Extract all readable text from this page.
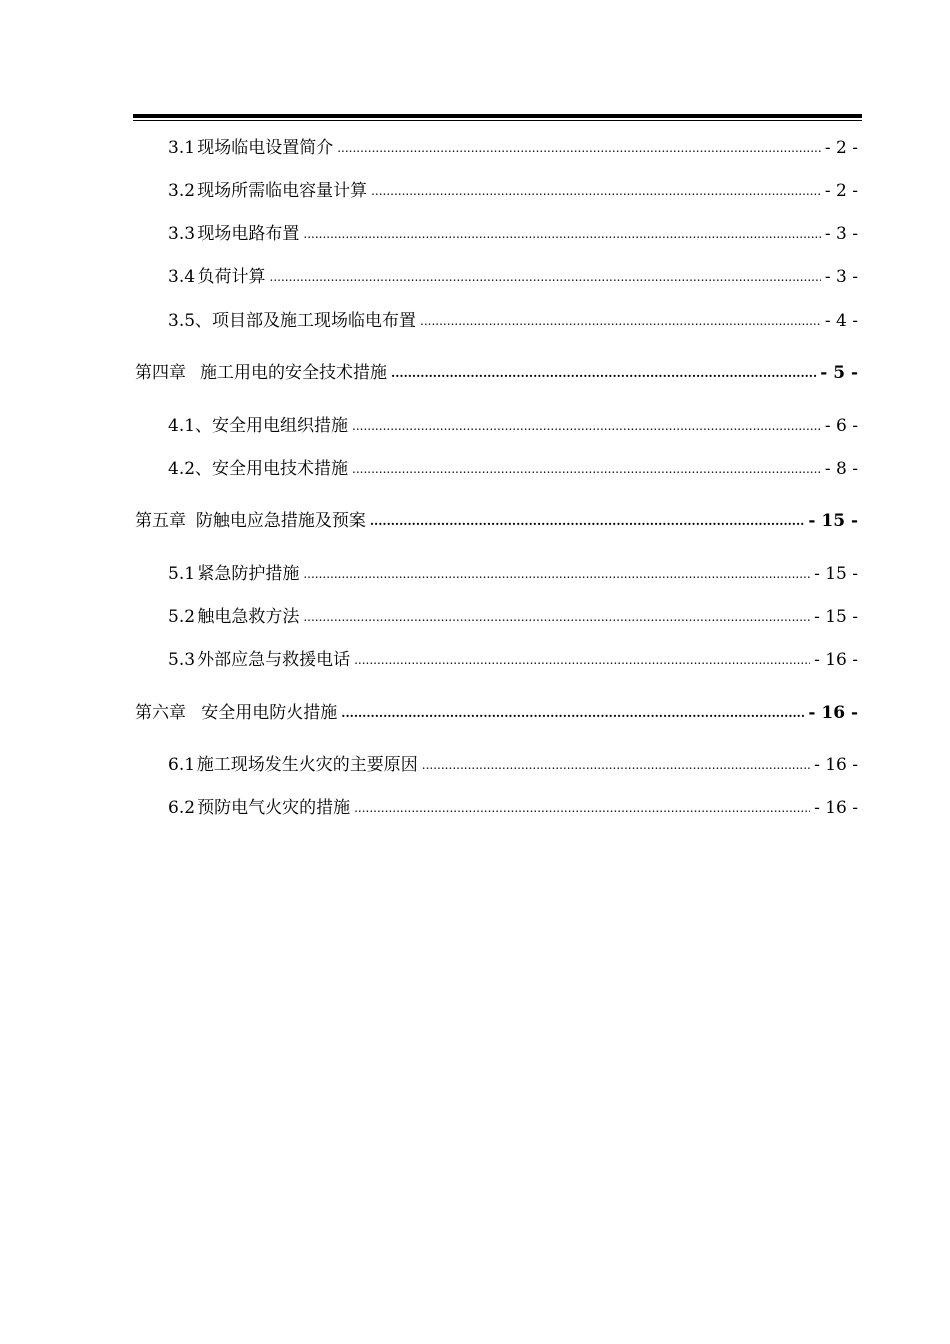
3.1 现场临电设置简介 .....	- 2 -
3.2 现场所需临电容量计算 .....	- 2 -
3.3 现场电路布置 .....	- 3 -
3.4 负荷计算 .....	- 3 -
3.5、 项目部及施工现场临电布置 .....	- 4 -
第四章 施工用电的安全技术措施 .....	- 5 -
4.1、 安全用电组织措施 .....	- 6 -
4.2、 安全用电技术措施 .....	- 8 -
第五章 防触电应急措施及预案 .....	- 15 -
5.1 紧急防护措施 .....	- 15 -
5.2 触电急救方法 .....	- 15 -
5.3 外部应急与救援电话 .....	- 16 -
第六章 安全用电防火措施 .....	- 16 -
6.1 施工现场发生火灾的主要原因 .....	- 16 -
6.2 预防电气火灾的措施 .....	- 16 -
